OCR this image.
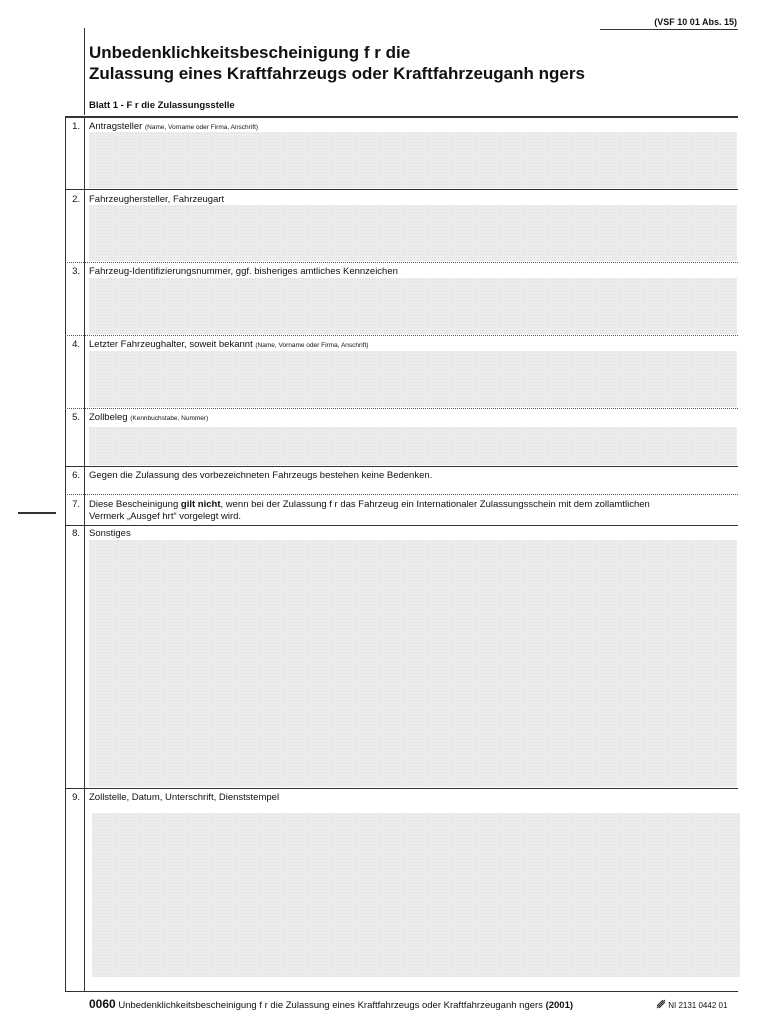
(VSF 10 01 Abs. 15)
Unbedenklichkeitsbescheinigung f r die
Zulassung eines Kraftfahrzeugs oder Kraftfahrzeuganh ngers
Blatt 1 - F r die Zulassungsstelle
1. Antragsteller (Name, Vorname oder Firma, Anschrift)
2. Fahrzeughersteller, Fahrzeugart
3. Fahrzeug-Identifizierungsnummer, ggf. bisheriges amtliches Kennzeichen
4. Letzter Fahrzeughalter, soweit bekannt (Name, Vorname oder Firma, Anschrift)
5. Zollbeleg (Kennbuchstabe, Nummer)
6. Gegen die Zulassung des vorbezeichneten Fahrzeugs bestehen keine Bedenken.
7. Diese Bescheinigung gilt nicht, wenn bei der Zulassung f r das Fahrzeug ein Internationaler Zulassungsschein mit dem zollamtlichen
Vermerk „Ausgef hrt“ vorgelegt wird.
8. Sonstiges
9. Zollstelle, Datum, Unterschrift, Dienststempel
0060 Unbedenklichkeitsbescheinigung f r die Zulassung eines Kraftfahrzeugs oder Kraftfahrzeuganh ngers (2001)	NI 2131 0442 01
